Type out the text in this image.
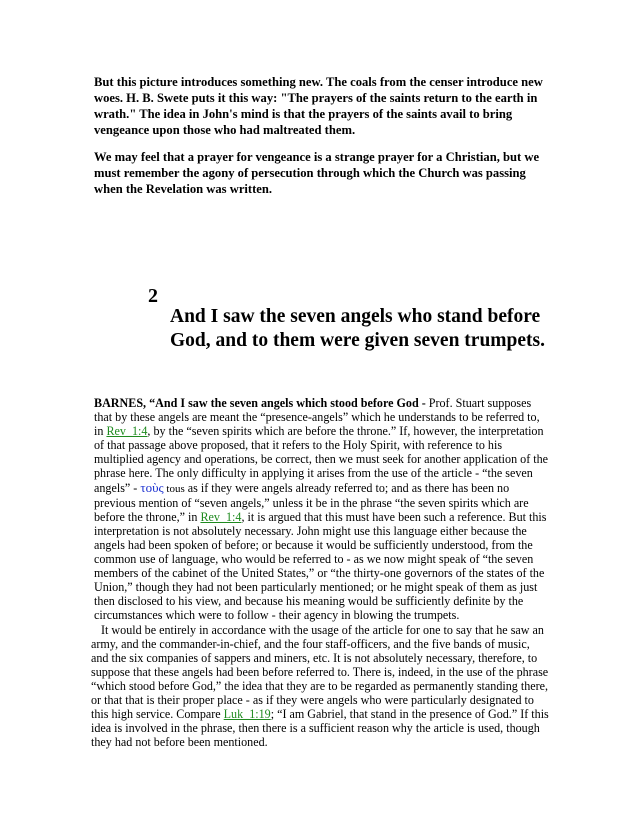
But this picture introduces something new. The coals from the censer introduce new woes. H. B. Swete puts it this way: "The prayers of the saints return to the earth in wrath." The idea in John's mind is that the prayers of the saints avail to bring vengeance upon those who had maltreated them.

We may feel that a prayer for vengeance is a strange prayer for a Christian, but we must remember the agony of persecution through which the Church was passing when the Revelation was written.

2
And I saw the seven angels who stand before God, and to them were given seven trumpets.

BARNES, “And I saw the seven angels which stood before God - Prof. Stuart supposes that by these angels are meant the “presence-angels” which he understands to be referred to, in Rev_1:4, by the “seven spirits which are before the throne.” If, however, the interpretation of that passage above proposed, that it refers to the Holy Spirit, with reference to his multiplied agency and operations, be correct, then we must seek for another application of the phrase here. The only difficulty in applying it arises from the use of the article - “the seven angels” - τοὺς tous as if they were angels already referred to; and as there has been no previous mention of “seven angels,” unless it be in the phrase “the seven spirits which are before the throne,” in Rev_1:4, it is argued that this must have been such a reference. But this interpretation is not absolutely necessary. John might use this language either because the angels had been spoken of before; or because it would be sufficiently understood, from the common use of language, who would be referred to - as we now might speak of “the seven members of the cabinet of the United States,” or “the thirty-one governors of the states of the Union,” though they had not been particularly mentioned; or he might speak of them as just then disclosed to his view, and because his meaning would be sufficiently definite by the circumstances which were to follow - their agency in blowing the trumpets.

It would be entirely in accordance with the usage of the article for one to say that he saw an army, and the commander-in-chief, and the four staff-officers, and the five bands of music, and the six companies of sappers and miners, etc. It is not absolutely necessary, therefore, to suppose that these angels had been before referred to. There is, indeed, in the use of the phrase “which stood before God,” the idea that they are to be regarded as permanently standing there, or that that is their proper place - as if they were angels who were particularly designated to this high service. Compare Luk_1:19; “I am Gabriel, that stand in the presence of God.” If this idea is involved in the phrase, then there is a sufficient reason why the article is used, though they had not before been mentioned.
